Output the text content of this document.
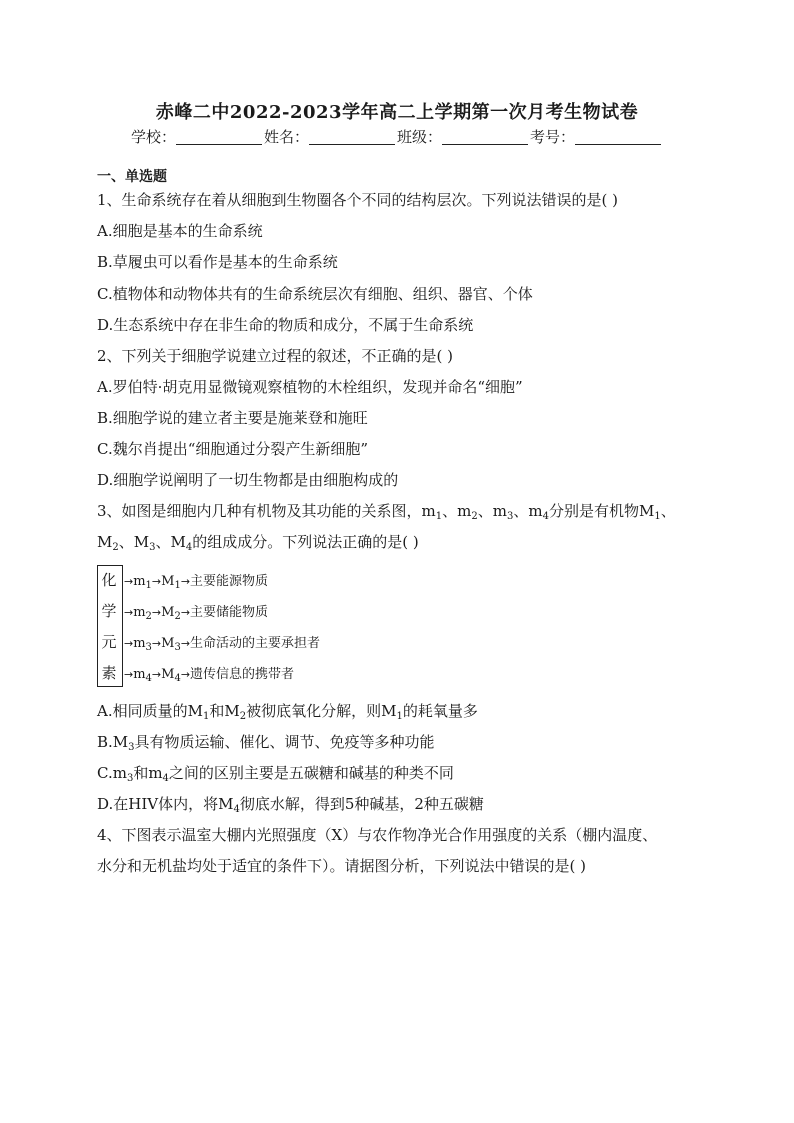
赤峰二中2022-2023学年高二上学期第一次月考生物试卷
学校：	姓名：	班级：	考号：
一、单选题
1、生命系统存在着从细胞到生物圈各个不同的结构层次。下列说法错误的是( )
A.细胞是基本的生命系统
B.草履虫可以看作是基本的生命系统
C.植物体和动物体共有的生命系统层次有细胞、组织、器官、个体
D.生态系统中存在非生命的物质和成分，不属于生命系统
2、下列关于细胞学说建立过程的叙述，不正确的是( )
A.罗伯特·胡克用显微镜观察植物的木栓组织，发现并命名“细胞”
B.细胞学说的建立者主要是施莱登和施旺
C.魏尔肖提出“细胞通过分裂产生新细胞”
D.细胞学说阐明了一切生物都是由细胞构成的
3、如图是细胞内几种有机物及其功能的关系图，$m_1$、$m_2$、$m_3$、$m_4$分别是有机物$M_1$、
$M_2$、$M_3$、$M_4$的组成成分。下列说法正确的是( )
化
学
元
素
$\to m_1\to M_1\to$主要能源物质
$\to m_2\to M_2\to$主要储能物质
$\to m_3\to M_3\to$生命活动的主要承担者
$\to m_4\to M_4\to$遗传信息的携带者
A.相同质量的$M_1$和$M_2$被彻底氧化分解，则$M_1$的耗氧量多
$B.M_3$具有物质运输、催化、调节、免疫等多种功能
$C.m_3$和$m_4$之间的区别主要是五碳糖和碱基的种类不同
D.在HIV体内，将$M_4$彻底水解，得到5种碱基，2种五碳糖
4、下图表示温室大棚内光照强度（X）与农作物净光合作用强度的关系（棚内温度、
水分和无机盐均处于适宜的条件下）。请据图分析，下列说法中错误的是( )
